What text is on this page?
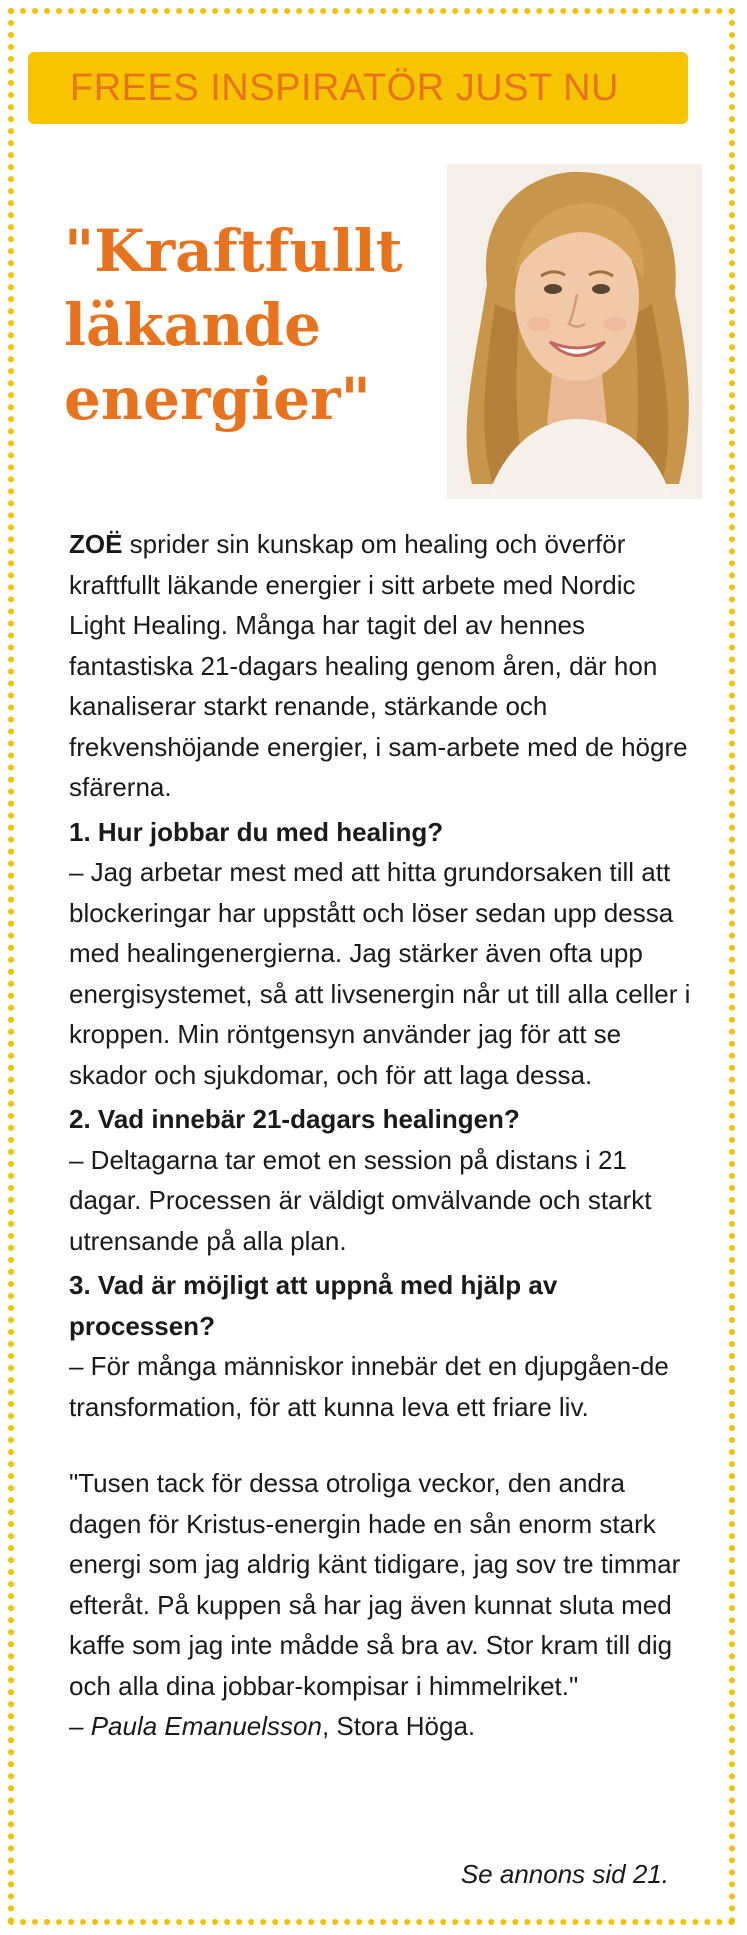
FREES INSPIRATÖR JUST NU
"Kraftfullt
läkande
energier"

ZOË sprider sin kunskap om healing och överför kraftfullt läkande energier i sitt arbete med Nordic Light Healing. Många har tagit del av hennes fantastiska 21-dagars healing genom åren, där hon kanaliserar starkt renande, stärkande och frekvenshöjande energier, i sam-arbete med de högre sfärerna.

1. Hur jobbar du med healing?

– Jag arbetar mest med att hitta grundorsaken till att blockeringar har uppstått och löser sedan upp dessa med healingenergierna. Jag stärker även ofta upp energisystemet, så att livsenergin når ut till alla celler i kroppen. Min röntgensyn använder jag för att se skador och sjukdomar, och för att laga dessa.

2. Vad innebär 21-dagars healingen?

– Deltagarna tar emot en session på distans i 21 dagar. Processen är väldigt omvälvande och starkt utrensande på alla plan.

3. Vad är möjligt att uppnå med hjälp av processen?

– För många människor innebär det en djupgåen-de transformation, för att kunna leva ett friare liv.

"Tusen tack för dessa otroliga veckor, den andra dagen för Kristus-energin hade en sån enorm stark energi som jag aldrig känt tidigare, jag sov tre timmar efteråt. På kuppen så har jag även kunnat sluta med kaffe som jag inte mådde så bra av. Stor kram till dig och alla dina jobbar-kompisar i himmelriket."

– Paula Emanuelsson, Stora Höga.

Se annons sid 21.
